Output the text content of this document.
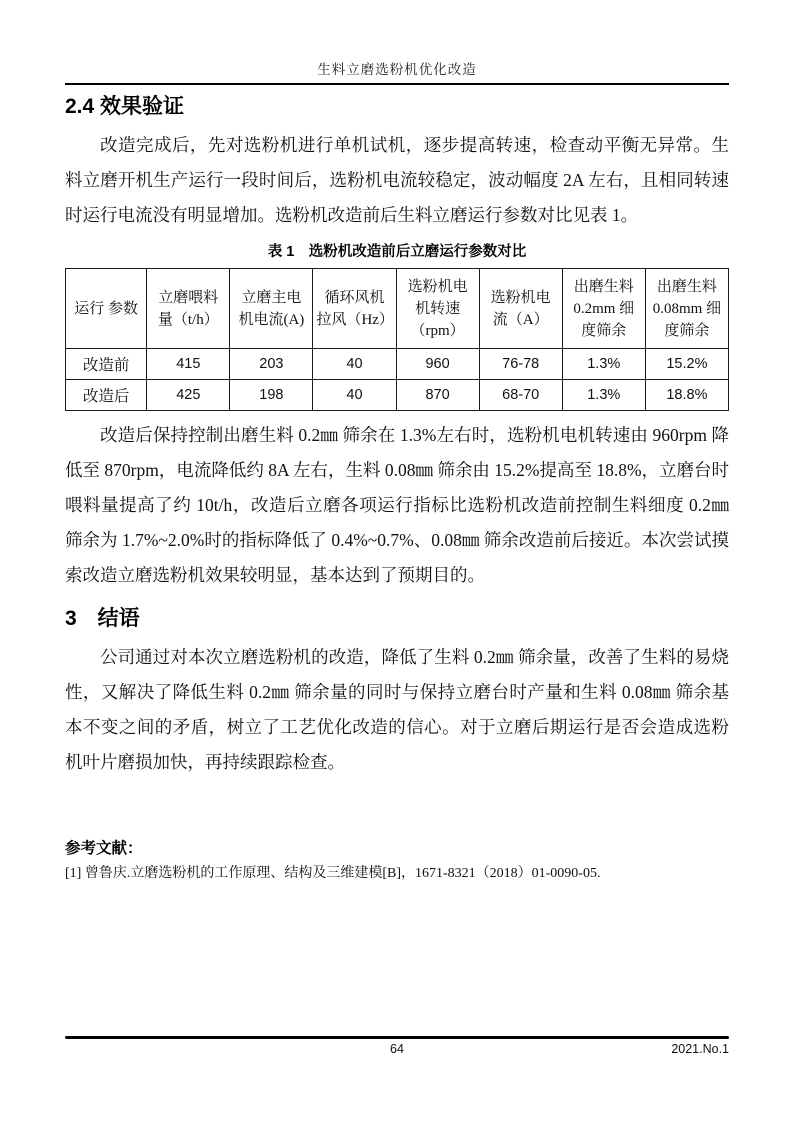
生料立磨选粉机优化改造
2.4 效果验证

改造完成后，先对选粉机进行单机试机，逐步提高转速，检查动平衡无异常。生料立磨开机生产运行一段时间后，选粉机电流较稳定，波动幅度 2A 左右，且相同转速时运行电流没有明显增加。选粉机改造前后生料立磨运行参数对比见表 1。

表 1　选粉机改造前后立磨运行参数对比
运行 参数	立磨喂料 量（t/h）	立磨主电 机电流(A)	循环风机 拉风（Hz）	选粉机电 机转速 （rpm）	选粉机电 流（A）	出磨生料 0.2mm 细 度筛余	出磨生料 0.08mm 细 度筛余
改造前	415	203	40	960	76-78	1.3%	15.2%
改造后	425	198	40	870	68-70	1.3%	18.8%

改造后保持控制出磨生料 0.2㎜ 筛余在 1.3%左右时，选粉机电机转速由 960rpm 降低至 870rpm，电流降低约 8A 左右，生料 0.08㎜ 筛余由 15.2%提高至 18.8%，立磨台时喂料量提高了约 10t/h，改造后立磨各项运行指标比选粉机改造前控制生料细度 0.2㎜ 筛余为 1.7%~2.0%时的指标降低了 0.4%~0.7%、0.08㎜ 筛余改造前后接近。本次尝试摸索改造立磨选粉机效果较明显，基本达到了预期目的。

3　结语

公司通过对本次立磨选粉机的改造，降低了生料 0.2㎜ 筛余量，改善了生料的易烧性，又解决了降低生料 0.2㎜ 筛余量的同时与保持立磨台时产量和生料 0.08㎜ 筛余基本不变之间的矛盾，树立了工艺优化改造的信心。对于立磨后期运行是否会造成选粉机叶片磨损加快，再持续跟踪检查。

参考文献：
[1] 曾鲁庆.立磨选粉机的工作原理、结构及三维建模[B]，1671-8321（2018）01-0090-05.
64	2021.No.1
